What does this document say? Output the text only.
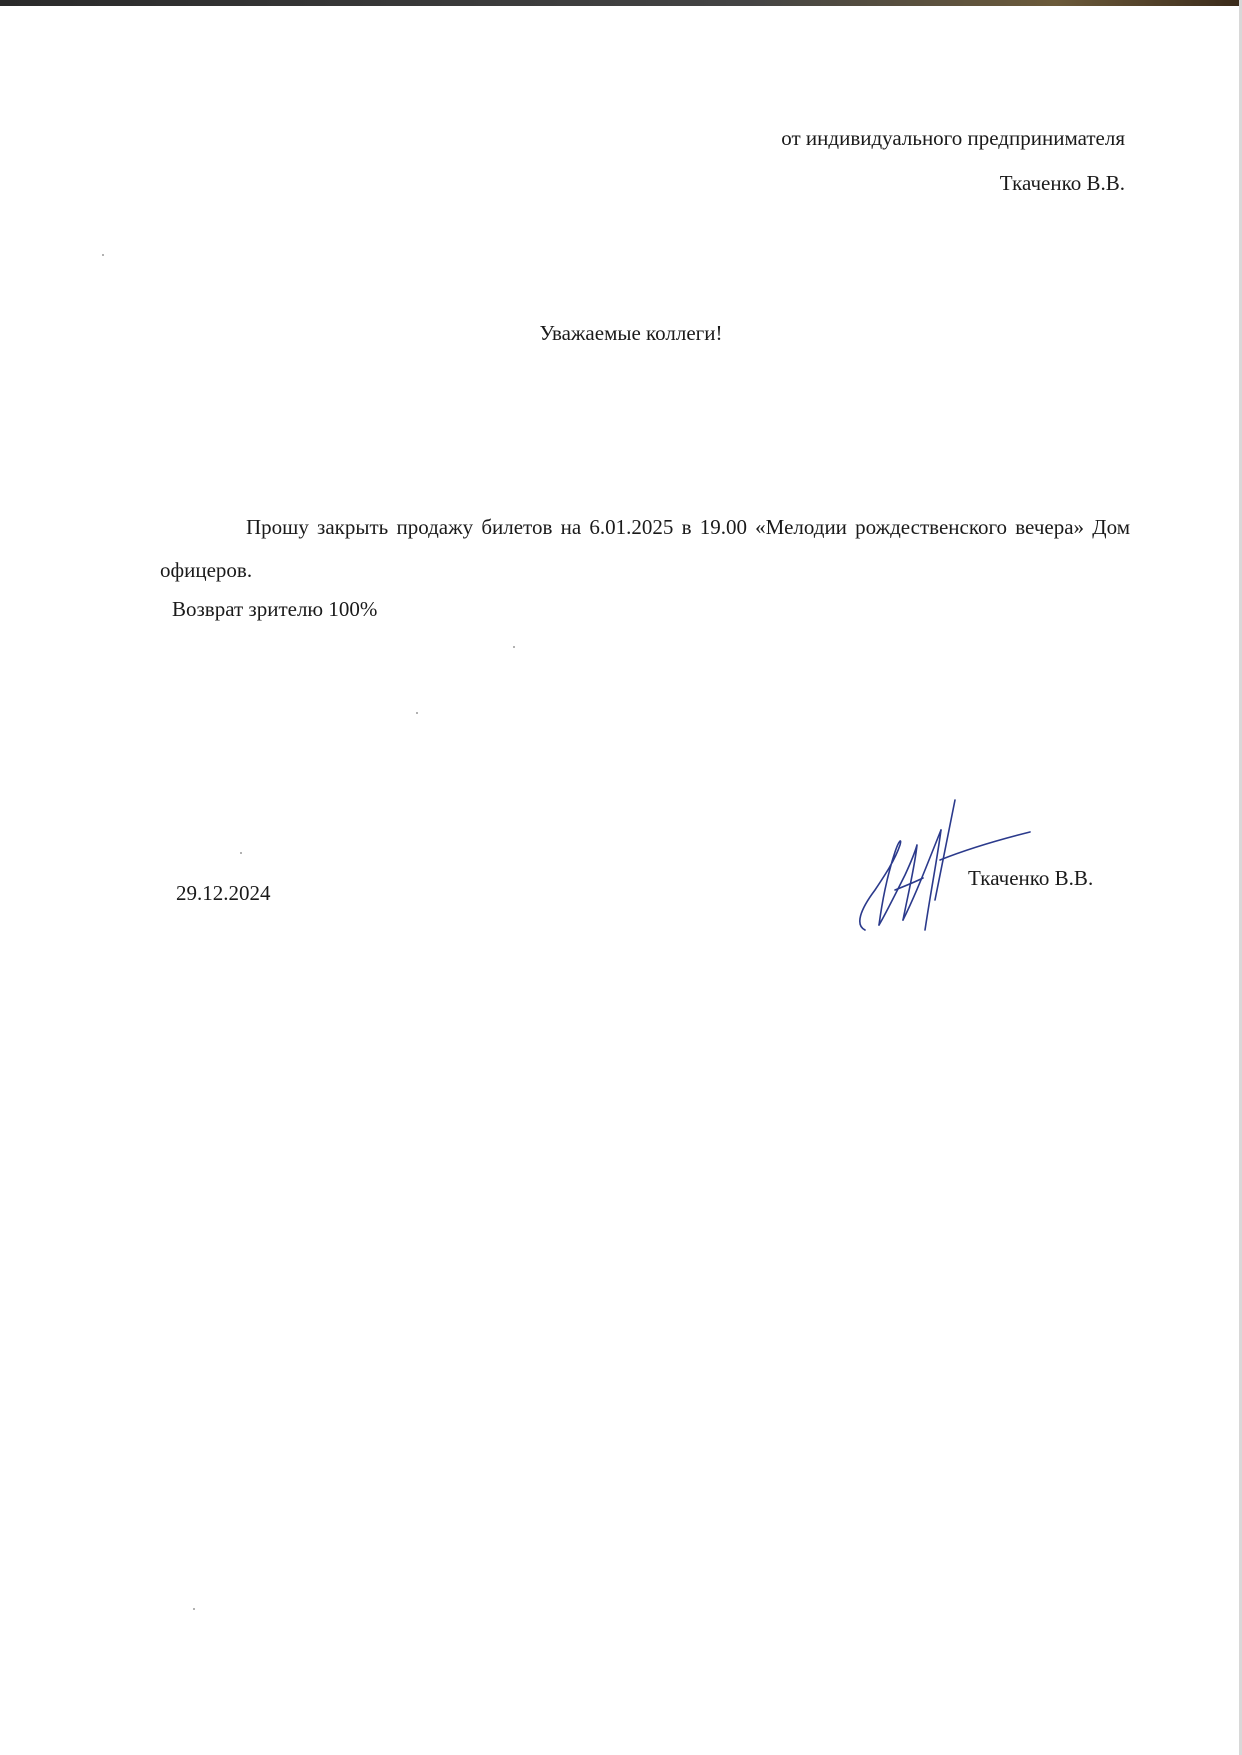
от индивидуального предпринимателя

Ткаченко В.В.

Уважаемые коллеги!

Прошу закрыть продажу билетов на 6.01.2025 в 19.00 «Мелодии рождественского вечера» Дом офицеров.

Возврат зрителю 100%

29.12.2024

Ткаченко В.В.
